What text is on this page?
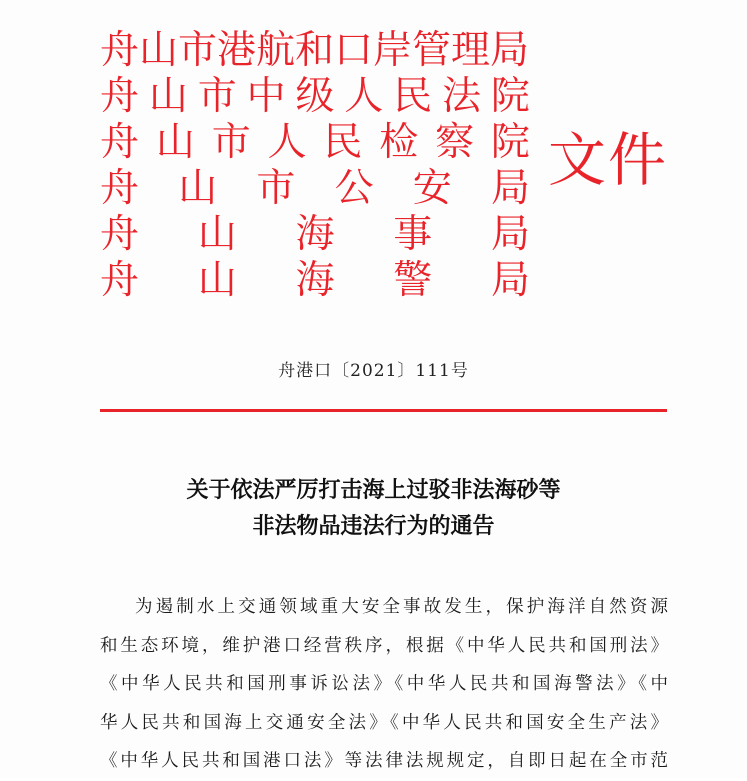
舟山市港航和口岸管理局
舟 山 市 中 级 人 民 法 院
舟 山 市 人 民 检 察 院
舟 山 市 公 安 局
舟 山 海 事 局
舟 山 海 警 局
文件
舟港口〔2021〕111号
关于依法严厉打击海上过驳非法海砂等
非法物品违法行为的通告
为遏制水上交通领域重大安全事故发生，保护海洋自然资源
和生态环境，维护港口经营秩序，根据《中华人民共和国刑法》
《中华人民共和国刑事诉讼法》《中华人民共和国海警法》《中
华人民共和国海上交通安全法》《中华人民共和国安全生产法》
《中华人民共和国港口法》等法律法规规定，自即日起在全市范
